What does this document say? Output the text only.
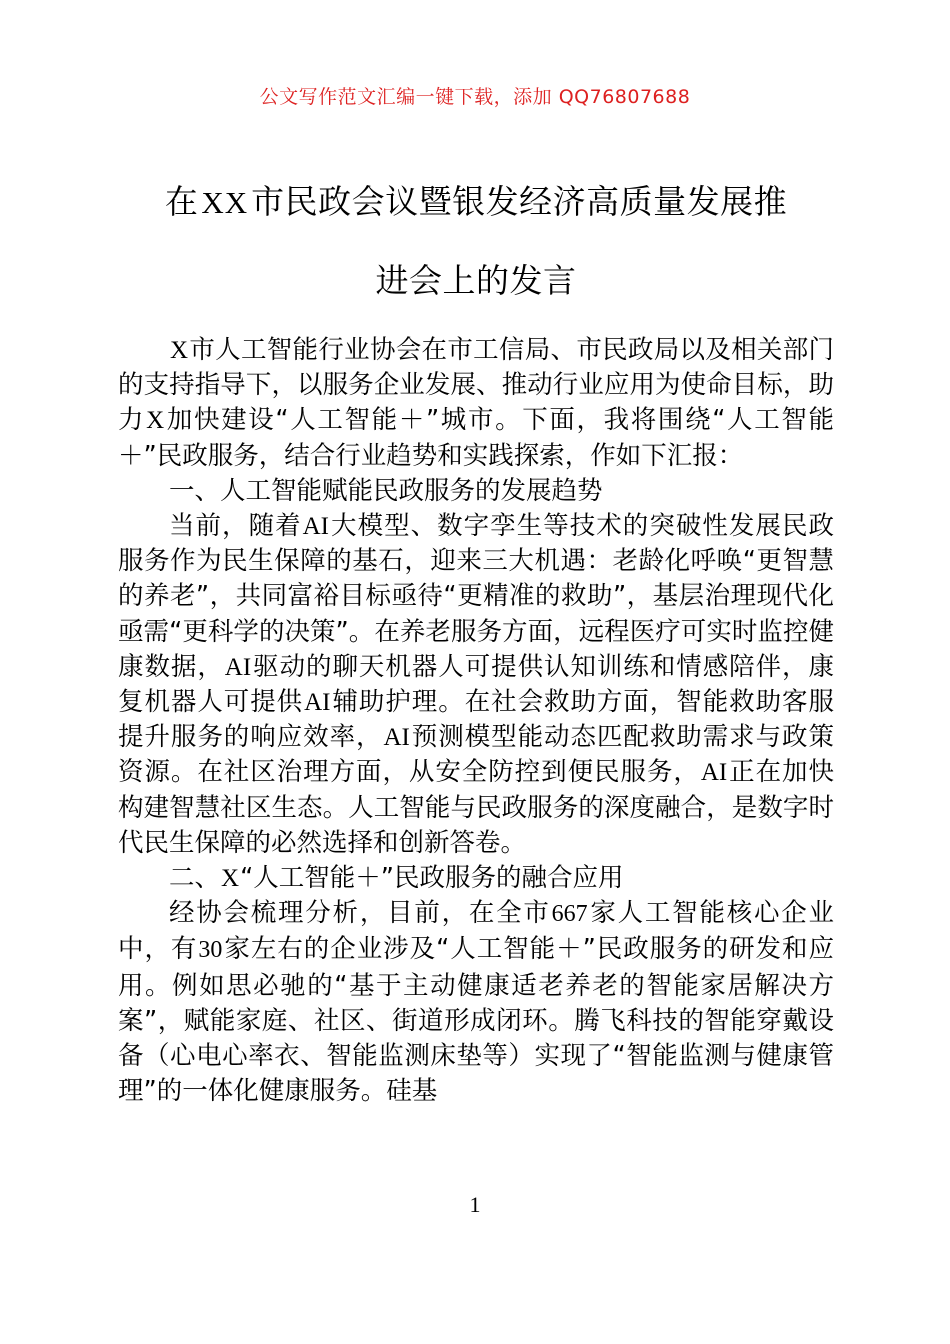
公文写作范文汇编一键下载，添加 QQ76807688
在XX市民政会议暨银发经济高质量发展推
进会上的发言

X市人工智能行业协会在市工信局、市民政局以及相关部门的支持指导下，以服务企业发展、推动行业应用为使命目标，助力X加快建设“人工智能＋”城市。下面，我将围绕“人工智能＋”民政服务，结合行业趋势和实践探索，作如下汇报：

一、人工智能赋能民政服务的发展趋势

当前，随着AI大模型、数字孪生等技术的突破性发展民政服务作为民生保障的基石，迎来三大机遇：老龄化呼唤“更智慧的养老”，共同富裕目标亟待“更精准的救助”，基层治理现代化亟需“更科学的决策”。在养老服务方面，远程医疗可实时监控健康数据，AI驱动的聊天机器人可提供认知训练和情感陪伴，康复机器人可提供AI辅助护理。在社会救助方面，智能救助客服提升服务的响应效率，AI预测模型能动态匹配救助需求与政策资源。在社区治理方面，从安全防控到便民服务，AI正在加快构建智慧社区生态。人工智能与民政服务的深度融合，是数字时代民生保障的必然选择和创新答卷。

二、X“人工智能＋”民政服务的融合应用

经协会梳理分析，目前，在全市667家人工智能核心企业中，有30家左右的企业涉及“人工智能＋”民政服务的研发和应用。例如思必驰的“基于主动健康适老养老的智能家居解决方案”，赋能家庭、社区、街道形成闭环。腾飞科技的智能穿戴设备（心电心率衣、智能监测床垫等）实现了“智能监测与健康管理”的一体化健康服务。硅基

1
